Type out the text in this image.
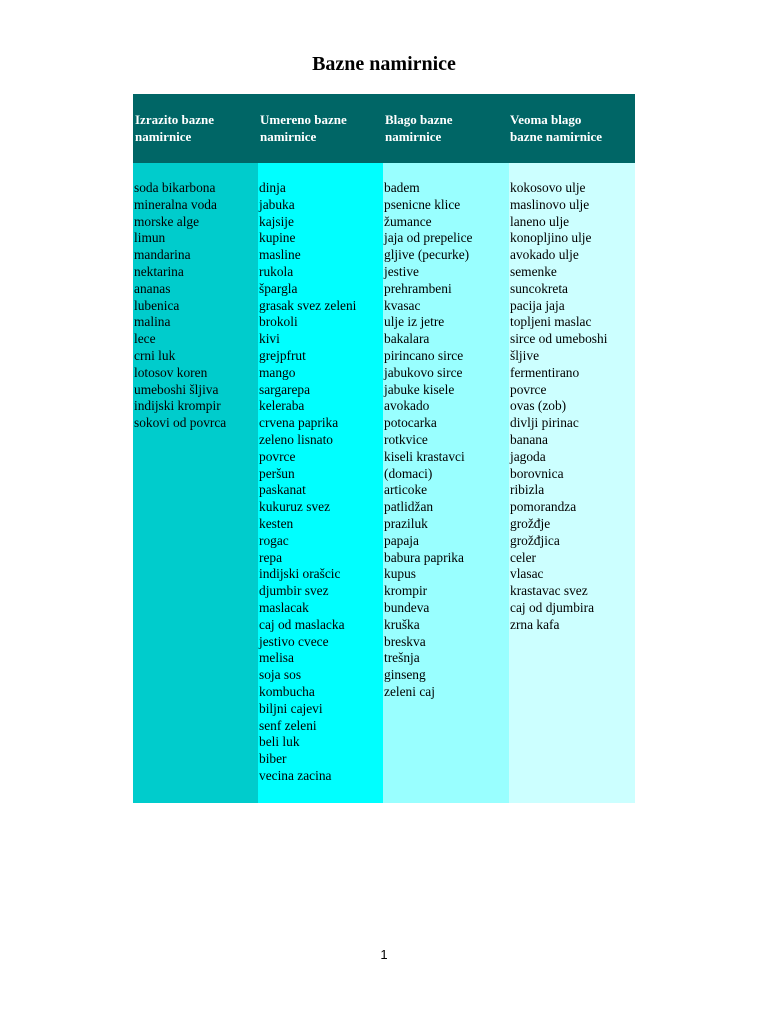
Bazne namirnice
Izrazito bazne
namirnice
Umereno bazne
namirnice
Blago bazne
namirnice
Veoma blago
bazne namirnice
soda bikarbona
mineralna voda
morske alge
limun
mandarina
nektarina
ananas
lubenica
malina
lece
crni luk
lotosov koren
umeboshi šljiva
indijski krompir
sokovi od povrca
dinja
jabuka
kajsije
kupine
masline
rukola
špargla
grasak svez zeleni
brokoli
kivi
grejpfrut
mango
sargarepa
keleraba
crvena paprika
zeleno lisnato
povrce
peršun
paskanat
kukuruz svez
kesten
rogac
repa
indijski orašcic
djumbir svez
maslacak
caj od maslacka
jestivo cvece
melisa
soja sos
kombucha
biljni cajevi
senf zeleni
beli luk
biber
vecina zacina
badem
psenicne klice
žumance
jaja od prepelice
gljive (pecurke)
jestive
prehrambeni
kvasac
ulje iz jetre
bakalara
pirincano sirce
jabukovo sirce
jabuke kisele
avokado
potocarka
rotkvice
kiseli krastavci
(domaci)
articoke
patlidžan
praziluk
papaja
babura paprika
kupus
krompir
bundeva
kruška
breskva
trešnja
ginseng
zeleni caj
kokosovo ulje
maslinovo ulje
laneno ulje
konopljino ulje
avokado ulje
semenke
suncokreta
pacija jaja
topljeni maslac
sirce od umeboshi
šljive
fermentirano
povrce
ovas (zob)
divlji pirinac
banana
jagoda
borovnica
ribizla
pomorandza
grožđje
grožđjica
celer
vlasac
krastavac svez
caj od djumbira
zrna kafa
1
